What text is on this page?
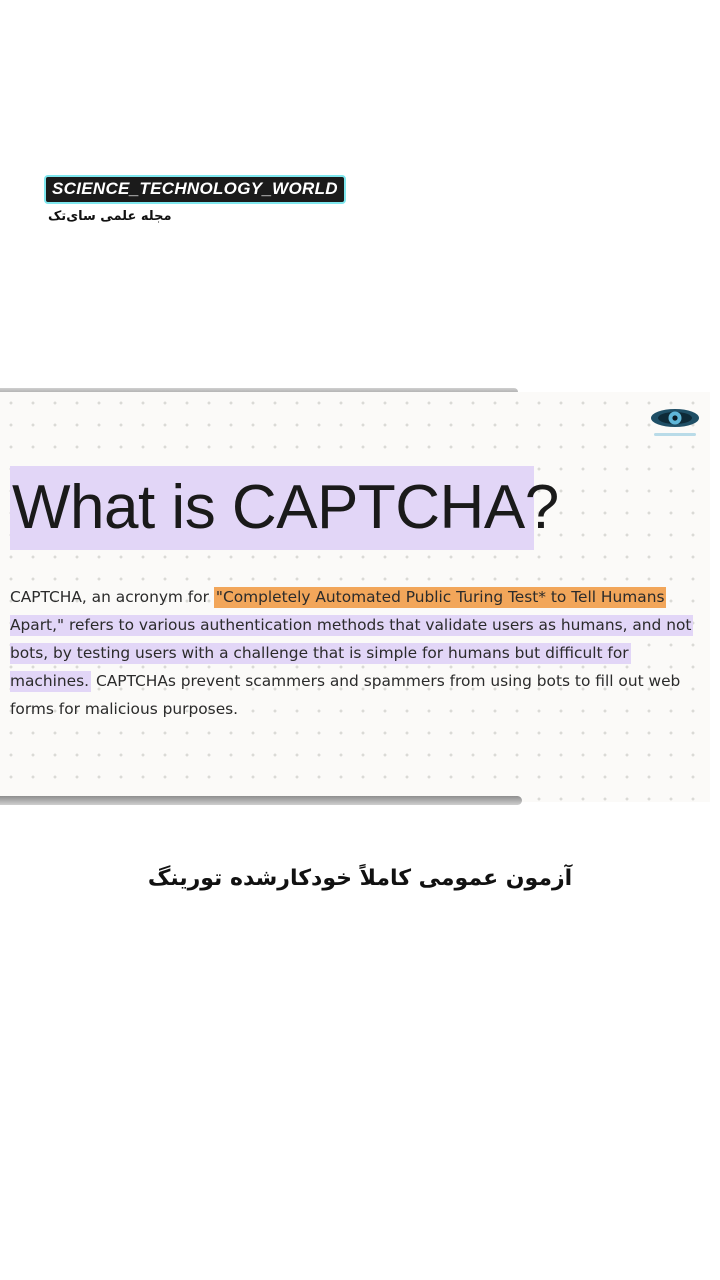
SCIENCE_TECHNOLOGY_WORLD
مجله علمی سای‌تک
What is CAPTCHA?
CAPTCHA, an acronym for "Completely Automated Public Turing Test* to Tell Humans
Apart," refers to various authentication methods that validate users as humans, and not
bots, by testing users with a challenge that is simple for humans but difficult for
machines. CAPTCHAs prevent scammers and spammers from using bots to fill out web
forms for malicious purposes.
آزمون عمومی کاملاً خودکارشده تورینگ
